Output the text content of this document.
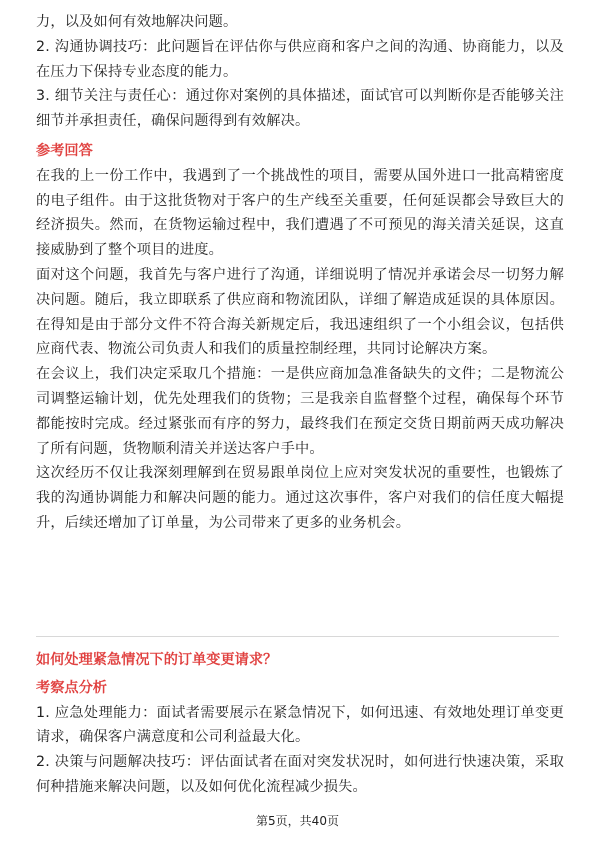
力，以及如何有效地解决问题。

2. 沟通协调技巧：此问题旨在评估你与供应商和客户之间的沟通、协商能力，以及在压力下保持专业态度的能力。

3. 细节关注与责任心：通过你对案例的具体描述，面试官可以判断你是否能够关注细节并承担责任，确保问题得到有效解决。

参考回答

在我的上一份工作中，我遇到了一个挑战性的项目，需要从国外进口一批高精密度的电子组件。由于这批货物对于客户的生产线至关重要，任何延误都会导致巨大的经济损失。然而，在货物运输过程中，我们遭遇了不可预见的海关清关延误，这直接威胁到了整个项目的进度。

面对这个问题，我首先与客户进行了沟通，详细说明了情况并承诺会尽一切努力解决问题。随后，我立即联系了供应商和物流团队，详细了解造成延误的具体原因。在得知是由于部分文件不符合海关新规定后，我迅速组织了一个小组会议，包括供应商代表、物流公司负责人和我们的质量控制经理，共同讨论解决方案。

在会议上，我们决定采取几个措施：一是供应商加急准备缺失的文件；二是物流公司调整运输计划，优先处理我们的货物；三是我亲自监督整个过程，确保每个环节都能按时完成。经过紧张而有序的努力，最终我们在预定交货日期前两天成功解决了所有问题，货物顺利清关并送达客户手中。

这次经历不仅让我深刻理解到在贸易跟单岗位上应对突发状况的重要性，也锻炼了我的沟通协调能力和解决问题的能力。通过这次事件，客户对我们的信任度大幅提升，后续还增加了订单量，为公司带来了更多的业务机会。

如何处理紧急情况下的订单变更请求？

考察点分析

1. 应急处理能力：面试者需要展示在紧急情况下，如何迅速、有效地处理订单变更请求，确保客户满意度和公司利益最大化。

2. 决策与问题解决技巧：评估面试者在面对突发状况时，如何进行快速决策，采取何种措施来解决问题，以及如何优化流程减少损失。

第5页，共40页
